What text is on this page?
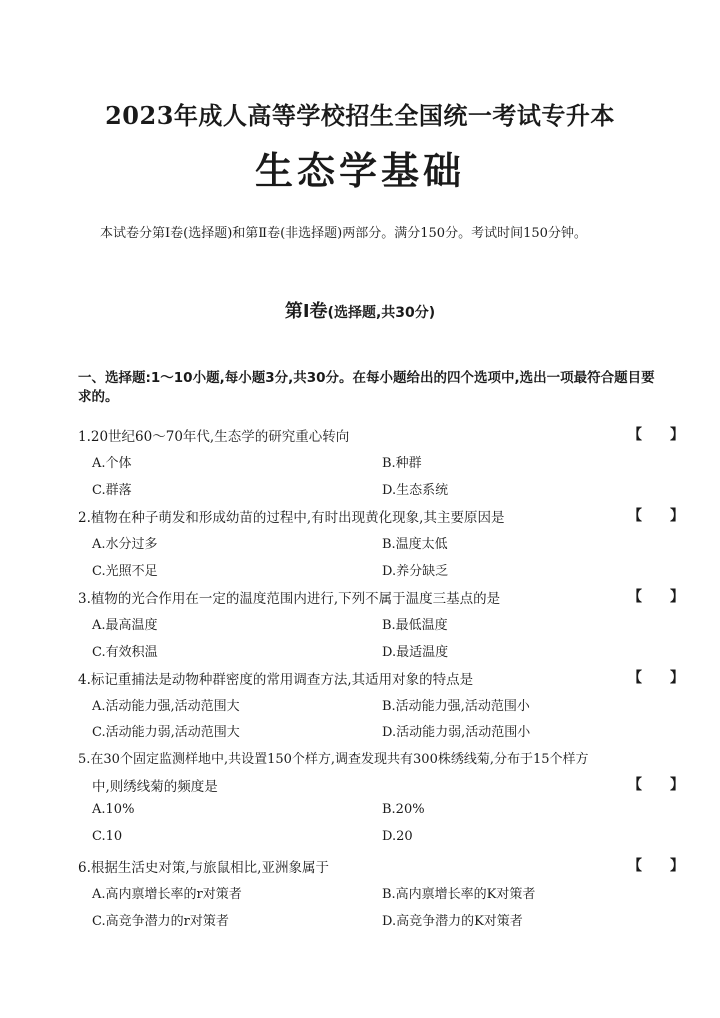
2023年成人高等学校招生全国统一考试专升本
生态学基础
本试卷分第Ⅰ卷(选择题)和第Ⅱ卷(非选择题)两部分。满分150分。考试时间150分钟。
第Ⅰ卷(选择题,共30分)
一、选择题:1～10小题,每小题3分,共30分。在每小题给出的四个选项中,选出一项最符合题目要求的。
1.20世纪60～70年代,生态学的研究重心转向	【　　】
A.个体	B.种群
C.群落	D.生态系统
2.植物在种子萌发和形成幼苗的过程中,有时出现黄化现象,其主要原因是	【　　】
A.水分过多	B.温度太低
C.光照不足	D.养分缺乏
3.植物的光合作用在一定的温度范围内进行,下列不属于温度三基点的是	【　　】
A.最高温度	B.最低温度
C.有效积温	D.最适温度
4.标记重捕法是动物种群密度的常用调查方法,其适用对象的特点是	【　　】
A.活动能力强,活动范围大	B.活动能力强,活动范围小
C.活动能力弱,活动范围大	D.活动能力弱,活动范围小
5.在30个固定监测样地中,共设置150个样方,调查发现共有300株绣线菊,分布于15个样方
中,则绣线菊的频度是	【　　】
A.10%	B.20%
C.10	D.20
6.根据生活史对策,与旅鼠相比,亚洲象属于	【　　】
A.高内禀增长率的r对策者	B.高内禀增长率的K对策者
C.高竞争潜力的r对策者	D.高竞争潜力的K对策者
